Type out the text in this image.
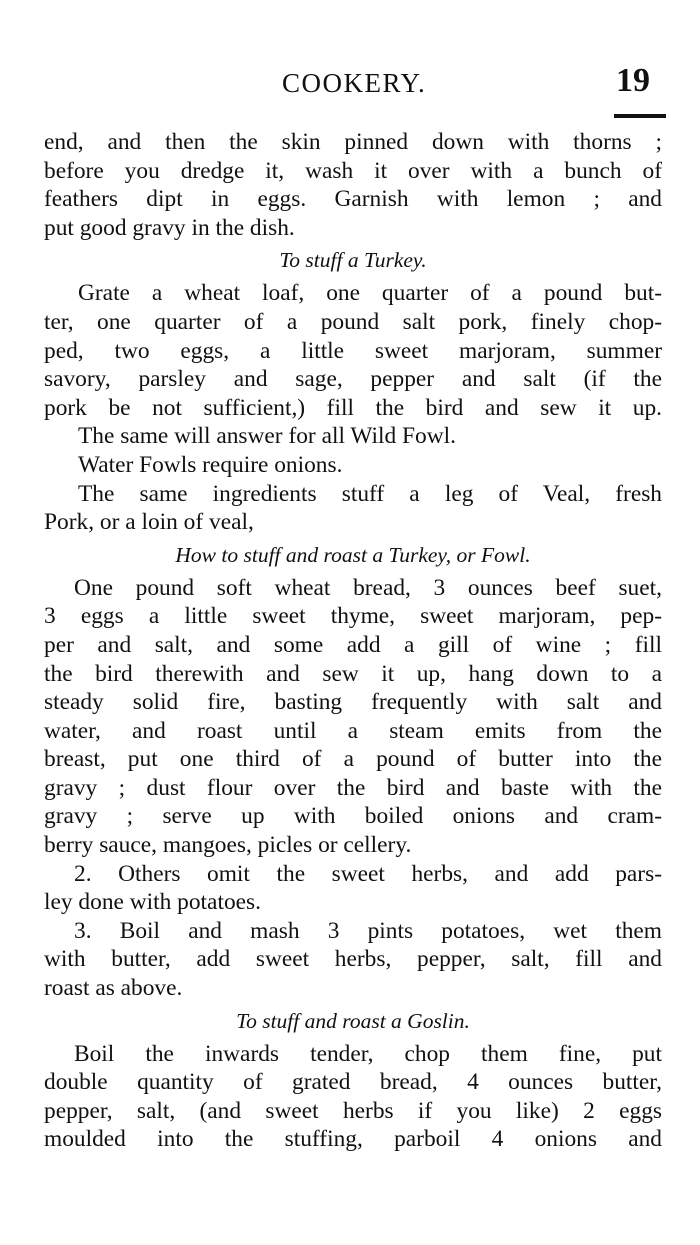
COOKERY.	19
end, and then the skin pinned down with thorns ;
before you dredge it, wash it over with a bunch of
feathers dipt in eggs. Garnish with lemon ; and
put good gravy in the dish.
To stuff a Turkey.
Grate a wheat loaf, one quarter of a pound but-
ter, one quarter of a pound salt pork, finely chop-
ped, two eggs, a little sweet marjoram, summer
savory, parsley and sage, pepper and salt (if the
pork be not sufficient,) fill the bird and sew it up.
The same will answer for all Wild Fowl.
Water Fowls require onions.
The same ingredients stuff a leg of Veal, fresh
Pork, or a loin of veal,
How to stuff and roast a Turkey, or Fowl.
One pound soft wheat bread, 3 ounces beef suet,
3 eggs a little sweet thyme, sweet marjoram, pep-
per and salt, and some add a gill of wine ; fill
the bird therewith and sew it up, hang down to a
steady solid fire, basting frequently with salt and
water, and roast until a steam emits from the
breast, put one third of a pound of butter into the
gravy ; dust flour over the bird and baste with the
gravy ; serve up with boiled onions and cram-
berry sauce, mangoes, picles or cellery.
2. Others omit the sweet herbs, and add pars-
ley done with potatoes.
3. Boil and mash 3 pints potatoes, wet them
with butter, add sweet herbs, pepper, salt, fill and
roast as above.
To stuff and roast a Goslin.
Boil the inwards tender, chop them fine, put
double quantity of grated bread, 4 ounces butter,
pepper, salt, (and sweet herbs if you like) 2 eggs
moulded into the stuffing, parboil 4 onions and
